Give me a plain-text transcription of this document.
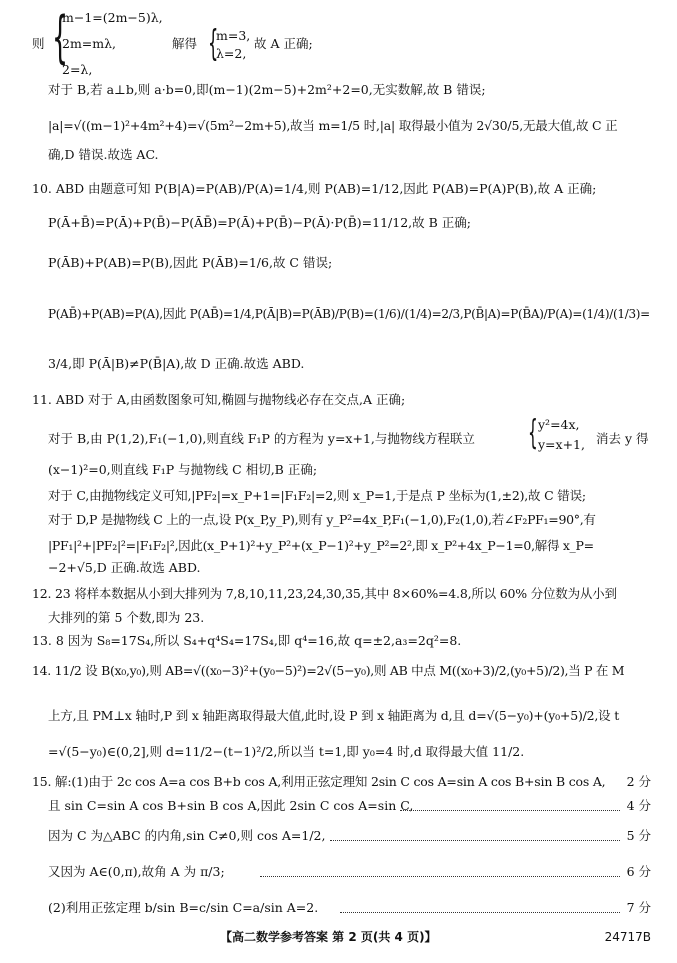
则 {
m−1=(2m−5)λ,
2m=mλ,
2=λ,
解得 {
m=3,
λ=2,
故 A 正确;
对于 B,若 a⊥b,则 a·b=0,即(m−1)(2m−5)+2m²+2=0,无实数解,故 B 错误;
|a|=√((m−1)²+4m²+4)=√(5m²−2m+5),故当 m=1/5 时,|a| 取得最小值为 2√30/5,无最大值,故 C 正
确,D 错误.故选 AC.
10. ABD 由题意可知 P(B|A)=P(AB)/P(A)=1/4,则 P(AB)=1/12,因此 P(AB)=P(A)P(B),故 A 正确;
P(Ā+B̄)=P(Ā)+P(B̄)−P(ĀB̄)=P(Ā)+P(B̄)−P(Ā)·P(B̄)=11/12,故 B 正确;
P(ĀB)+P(AB)=P(B),因此 P(ĀB)=1/6,故 C 错误;
P(AB̄)+P(AB)=P(A),因此 P(AB̄)=1/4,P(Ā|B)=P(ĀB)/P(B)=(1/6)/(1/4)=2/3,P(B̄|A)=P(B̄A)/P(A)=(1/4)/(1/3)=
3/4,即 P(Ā|B)≠P(B̄|A),故 D 正确.故选 ABD.
11. ABD 对于 A,由函数图象可知,椭圆与抛物线必存在交点,A 正确;
对于 B,由 P(1,2),F₁(−1,0),则直线 F₁P 的方程为 y=x+1,与抛物线方程联立 { y²=4x,
y=x+1, 消去 y 得
(x−1)²=0,则直线 F₁P 与抛物线 C 相切,B 正确;
对于 C,由抛物线定义可知,|PF₂|=x_P+1=|F₁F₂|=2,则 x_P=1,于是点 P 坐标为(1,±2),故 C 错误;
对于 D,P 是抛物线 C 上的一点,设 P(x_P,y_P),则有 y_P²=4x_P,F₁(−1,0),F₂(1,0),若∠F₂PF₁=90°,有
|PF₁|²+|PF₂|²=|F₁F₂|²,因此(x_P+1)²+y_P²+(x_P−1)²+y_P²=2²,即 x_P²+4x_P−1=0,解得 x_P=
−2+√5,D 正确.故选 ABD.
12. 23 将样本数据从小到大排列为 7,8,10,11,23,24,30,35,其中 8×60%=4.8,所以 60% 分位数为从小到
大排列的第 5 个数,即为 23.
13. 8 因为 S₈=17S₄,所以 S₄+q⁴S₄=17S₄,即 q⁴=16,故 q=±2,a₃=2q²=8.
14. 11/2 设 B(x₀,y₀),则 AB=√((x₀−3)²+(y₀−5)²)=2√(5−y₀),则 AB 中点 M((x₀+3)/2,(y₀+5)/2),当 P 在 M
上方,且 PM⊥x 轴时,P 到 x 轴距离取得最大值,此时,设 P 到 x 轴距离为 d,且 d=√(5−y₀)+(y₀+5)/2,设 t
=√(5−y₀)∈(0,2],则 d=11/2−(t−1)²/2,所以当 t=1,即 y₀=4 时,d 取得最大值 11/2.
15. 解:(1)由于 2c cos A=a cos B+b cos A,利用正弦定理知 2sin C cos A=sin A cos B+sin B cos A, 2 分
且 sin C=sin A cos B+sin B cos A,因此 2sin C cos A=sin C,	4 分
因为 C 为△ABC 的内角,sin C≠0,则 cos A=1/2,	5 分
又因为 A∈(0,π),故角 A 为 π/3;	6 分
(2)利用正弦定理 b/sin B=c/sin C=a/sin A=2.	7 分
【高二数学参考答案 第 2 页(共 4 页)】	24717B
